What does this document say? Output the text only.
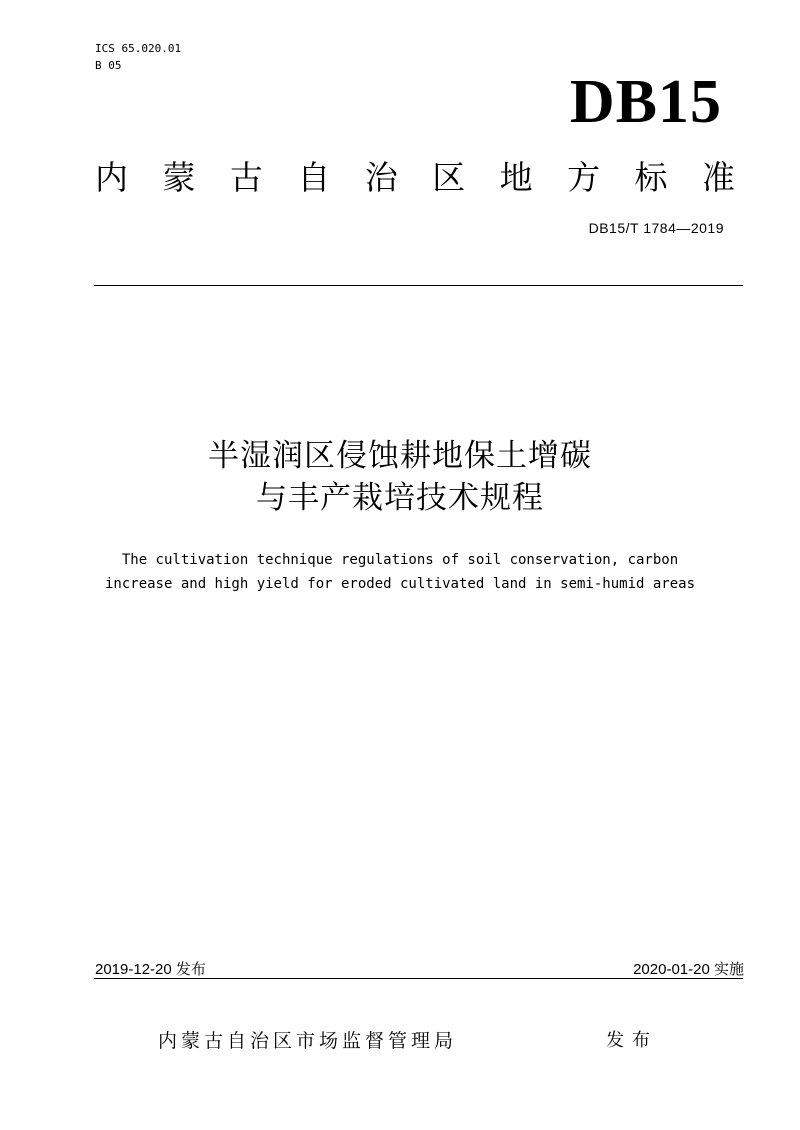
ICS 65.020.01
B 05
DB15
内 蒙 古 自 治 区 地 方 标 准
DB15/T 1784—2019
半湿润区侵蚀耕地保土增碳
与丰产栽培技术规程
The cultivation technique regulations of soil conservation, carbon
increase and high yield for eroded cultivated land in semi-humid areas
2019-12-20 发布	2020-01-20 实施
内蒙古自治区市场监督管理局	发布
